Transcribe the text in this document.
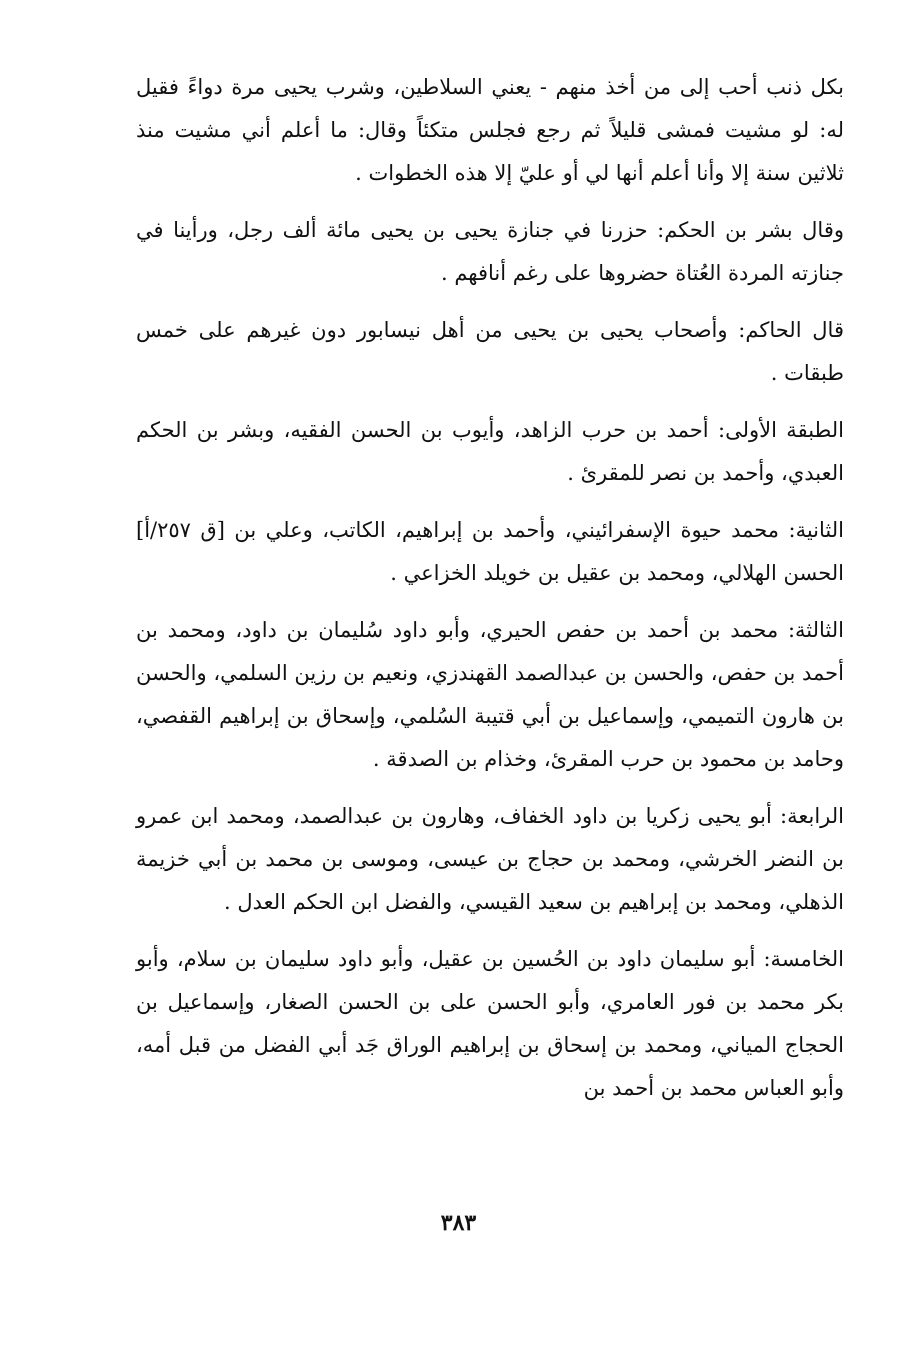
بكل ذنب أحب إلى من أخذ منهم - يعني السلاطين، وشرب يحيى مرة دواءً فقيل له: لو مشيت فمشى قليلاً ثم رجع فجلس متكئاً وقال: ما أعلم أني مشيت منذ ثلاثين سنة إلا وأنا أعلم أنها لي أو عليّ إلا هذه الخطوات .

وقال بشر بن الحكم: حزرنا في جنازة يحيى بن يحيى مائة ألف رجل، ورأينا في جنازته المردة العُتاة حضروها على رغم أنافهم .

قال الحاكم: وأصحاب يحيى بن يحيى من أهل نيسابور دون غيرهم على خمس طبقات .

الطبقة الأولى: أحمد بن حرب الزاهد، وأيوب بن الحسن الفقيه، وبشر بن الحكم العبدي، وأحمد بن نصر للمقرئ .

الثانية: محمد حيوة الإسفرائيني، وأحمد بن إبراهيم، الكاتب، وعلي بن [ق ٢٥٧/أ] الحسن الهلالي، ومحمد بن عقيل بن خويلد الخزاعي .

الثالثة: محمد بن أحمد بن حفص الحيري، وأبو داود سُليمان بن داود، ومحمد بن أحمد بن حفص، والحسن بن عبدالصمد القهندزي، ونعيم بن رزين السلمي، والحسن بن هارون التميمي، وإسماعيل بن أبي قتيبة السُلمي، وإسحاق بن إبراهيم القفصي، وحامد بن محمود بن حرب المقرئ، وخذام بن الصدقة .

الرابعة: أبو يحيى زكريا بن داود الخفاف، وهارون بن عبدالصمد، ومحمد ابن عمرو بن النضر الخرشي، ومحمد بن حجاج بن عيسى، وموسى بن محمد بن أبي خزيمة الذهلي، ومحمد بن إبراهيم بن سعيد القيسي، والفضل ابن الحكم العدل .

الخامسة: أبو سليمان داود بن الحُسين بن عقيل، وأبو داود سليمان بن سلام، وأبو بكر محمد بن فور العامري، وأبو الحسن على بن الحسن الصغار، وإسماعيل بن الحجاج المياني، ومحمد بن إسحاق بن إبراهيم الوراق جَد أبي الفضل من قبل أمه، وأبو العباس محمد بن أحمد بن

٣٨٣
